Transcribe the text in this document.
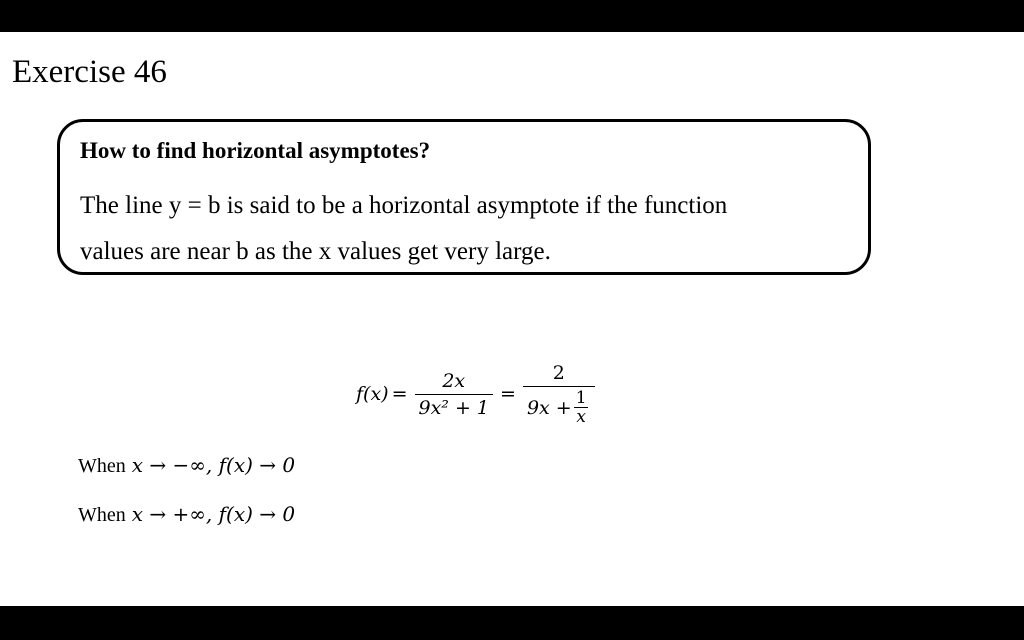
Exercise 46
How to find horizontal asymptotes?
The line y = b is said to be a horizontal asymptote if the function
values are near b as the x values get very large.
$f(x) = \frac{2x}{\text{9x² + 1}} = \frac{2}{9x + \frac{1}{x}}$
When x → −∞, f(x) → 0
When x → +∞, f(x) → 0
